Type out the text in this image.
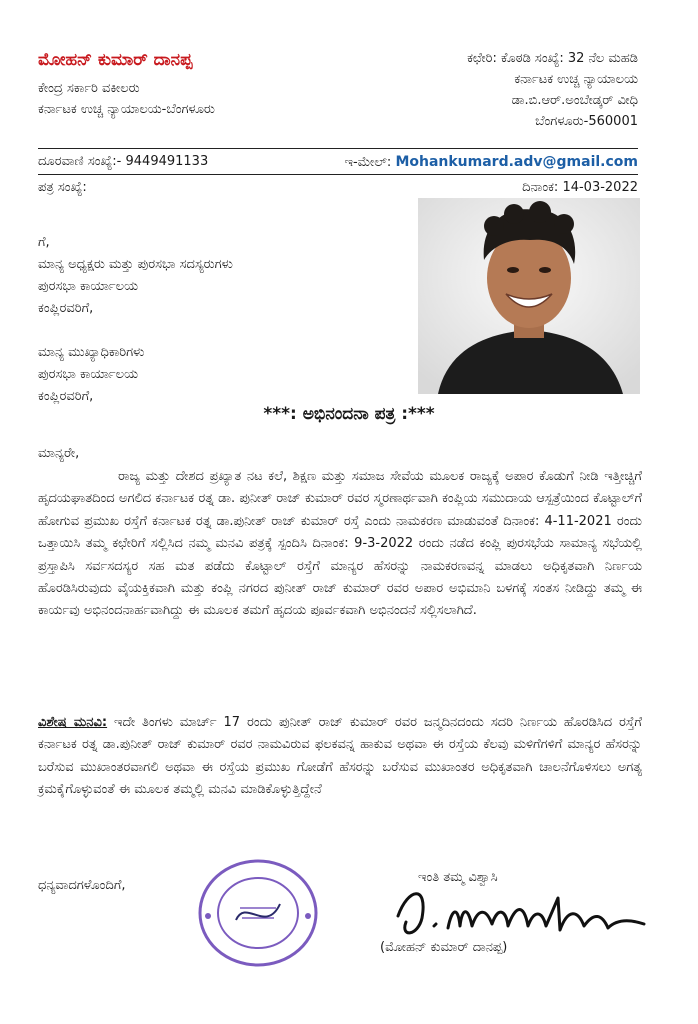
ಮೋಹನ್ ಕುಮಾರ್ ದಾನಪ್ಪ
ಕೇಂದ್ರ ಸರ್ಕಾರಿ ವಕೀಲರು
ಕರ್ನಾಟಕ ಉಚ್ಚ ನ್ಯಾಯಾಲಯ-ಬೆಂಗಳೂರು
ಕಛೇರಿ: ಕೊಠಡಿ ಸಂಖ್ಯೆ: 32 ನೆಲ ಮಹಡಿ
ಕರ್ನಾಟಕ ಉಚ್ಚ ನ್ಯಾಯಾಲಯ
ಡಾ.ಬಿ.ಆರ್.ಅಂಬೇಡ್ಕರ್ ವೀಧಿ
ಬೆಂಗಳೂರು-560001
ದೂರವಾಣಿ ಸಂಖ್ಯೆ:- 9449491133	ಇ-ಮೇಲ್: Mohankumard.adv@gmail.com
ಪತ್ರ ಸಂಖ್ಯೆ:	ದಿನಾಂಕ: 14-03-2022
ಗೆ,
ಮಾನ್ಯ ಅಧ್ಯಕ್ಷರು ಮತ್ತು ಪುರಸಭಾ ಸದಸ್ಯರುಗಳು
ಪುರಸಭಾ ಕಾರ್ಯಾಲಯ
ಕಂಪ್ಲಿರವರಿಗೆ,
ಮಾನ್ಯ ಮುಖ್ಯಾಧಿಕಾರಿಗಳು
ಪುರಸಭಾ ಕಾರ್ಯಾಲಯ
ಕಂಪ್ಲಿರವರಿಗೆ,
***: ಅಭಿನಂದನಾ ಪತ್ರ :***
ಮಾನ್ಯರೇ,

ರಾಜ್ಯ ಮತ್ತು ದೇಶದ ಪ್ರಖ್ಯಾತ ನಟ ಕಲೆ, ಶಿಕ್ಷಣ ಮತ್ತು ಸಮಾಜ ಸೇವೆಯ ಮೂಲಕ ರಾಜ್ಯಕ್ಕೆ ಅಪಾರ ಕೊಡುಗೆ ನೀಡಿ ಇತ್ತೀಚ್ಚಿಗೆ ಹೃದಯಘಾತದಿಂದ ಅಗಲಿದ ಕರ್ನಾಟಕ ರತ್ನ ಡಾ. ಪುನೀತ್ ರಾಜ್ ಕುಮಾರ್ ರವರ ಸ್ಮರಣಾರ್ಥವಾಗಿ ಕಂಪ್ಲಿಯ ಸಮುದಾಯ ಆಸ್ಪತ್ರೆಯಿಂದ ಕೊಟ್ಟಾಲ್‌ಗೆ ಹೋಗುವ ಪ್ರಮುಖ ರಸ್ತೆಗೆ ಕರ್ನಾಟಕ ರತ್ನ ಡಾ.ಪುನೀತ್ ರಾಜ್ ಕುಮಾರ್ ರಸ್ತೆ ಎಂದು ನಾಮಕರಣ ಮಾಡುವಂತೆ ದಿನಾಂಕ: 4-11-2021 ರಂದು ಒತ್ತಾಯಿಸಿ ತಮ್ಮ ಕಛೇರಿಗೆ ಸಲ್ಲಿಸಿದ ನಮ್ಮ ಮನವಿ ಪತ್ರಕ್ಕೆ ಸ್ಪಂದಿಸಿ ದಿನಾಂಕ: 9-3-2022 ರಂದು ನಡೆದ ಕಂಪ್ಲಿ ಪುರಸಭೆಯ ಸಾಮಾನ್ಯ ಸಭೆಯಲ್ಲಿ ಪ್ರಸ್ತಾಪಿಸಿ ಸರ್ವಸದಸ್ಯರ ಸಹ ಮತ ಪಡೆದು ಕೊಟ್ಟಾಲ್ ರಸ್ತೆಗೆ ಮಾನ್ಯರ ಹೆಸರನ್ನು ನಾಮಕರಣವನ್ನ ಮಾಡಲು ಅಧಿಕೃತವಾಗಿ ನಿರ್ಣಯ ಹೊರಡಿಸಿರುವುದು ವೈಯಕ್ತಿಕವಾಗಿ ಮತ್ತು ಕಂಪ್ಲಿ ನಗರದ ಪುನೀತ್ ರಾಜ್ ಕುಮಾರ್ ರವರ ಅಪಾರ ಅಭಿಮಾನಿ ಬಳಗಕ್ಕೆ ಸಂತಸ ನೀಡಿದ್ದು ತಮ್ಮ ಈ ಕಾರ್ಯವು ಅಭಿನಂದನಾರ್ಹವಾಗಿದ್ದು ಈ ಮೂಲಕ ತಮಗೆ ಹೃದಯ ಪೂರ್ವಕವಾಗಿ ಅಭಿನಂದನೆ ಸಲ್ಲಿಸಲಾಗಿದೆ.

ವಿಶೇಷ ಮನವಿ: ಇದೇ ತಿಂಗಳು ಮಾರ್ಚ್ 17 ರಂದು ಪುನೀತ್ ರಾಜ್ ಕುಮಾರ್ ರವರ ಜನ್ಮದಿನದಂದು ಸದರಿ ನಿರ್ಣಯ ಹೊರಡಿಸಿದ ರಸ್ತೆಗೆ ಕರ್ನಾಟಕ ರತ್ನ ಡಾ.ಪುನೀತ್ ರಾಜ್ ಕುಮಾರ್ ರವರ ನಾಮವಿರುವ ಫಲಕವನ್ನ ಹಾಕುವ ಅಥವಾ ಈ ರಸ್ತೆಯ ಕೆಲವು ಮಳಿಗೆಗಳಿಗೆ ಮಾನ್ಯರ ಹೆಸರನ್ನು ಬರೆಸುವ ಮುಖಾಂತರವಾಗಲಿ ಅಥವಾ ಈ ರಸ್ತೆಯ ಪ್ರಮುಖ ಗೋಡೆಗೆ ಹೆಸರನ್ನು ಬರೆಸುವ ಮುಖಾಂತರ ಅಧಿಕೃತವಾಗಿ ಚಾಲನೆಗೊಳಿಸಲು ಅಗತ್ಯ ಕ್ರಮಕೈಗೊಳ್ಳುವಂತೆ ಈ ಮೂಲಕ ತಮ್ಮಲ್ಲಿ ಮನವಿ ಮಾಡಿಕೊಳ್ಳುತ್ತಿದ್ದೇನೆ

ಧನ್ಯವಾದಗಳೊಂದಿಗೆ,
ಇಂತಿ ತಮ್ಮ ವಿಶ್ವಾಸಿ
(ಮೋಹನ್ ಕುಮಾರ್ ದಾನಪ್ಪ)
